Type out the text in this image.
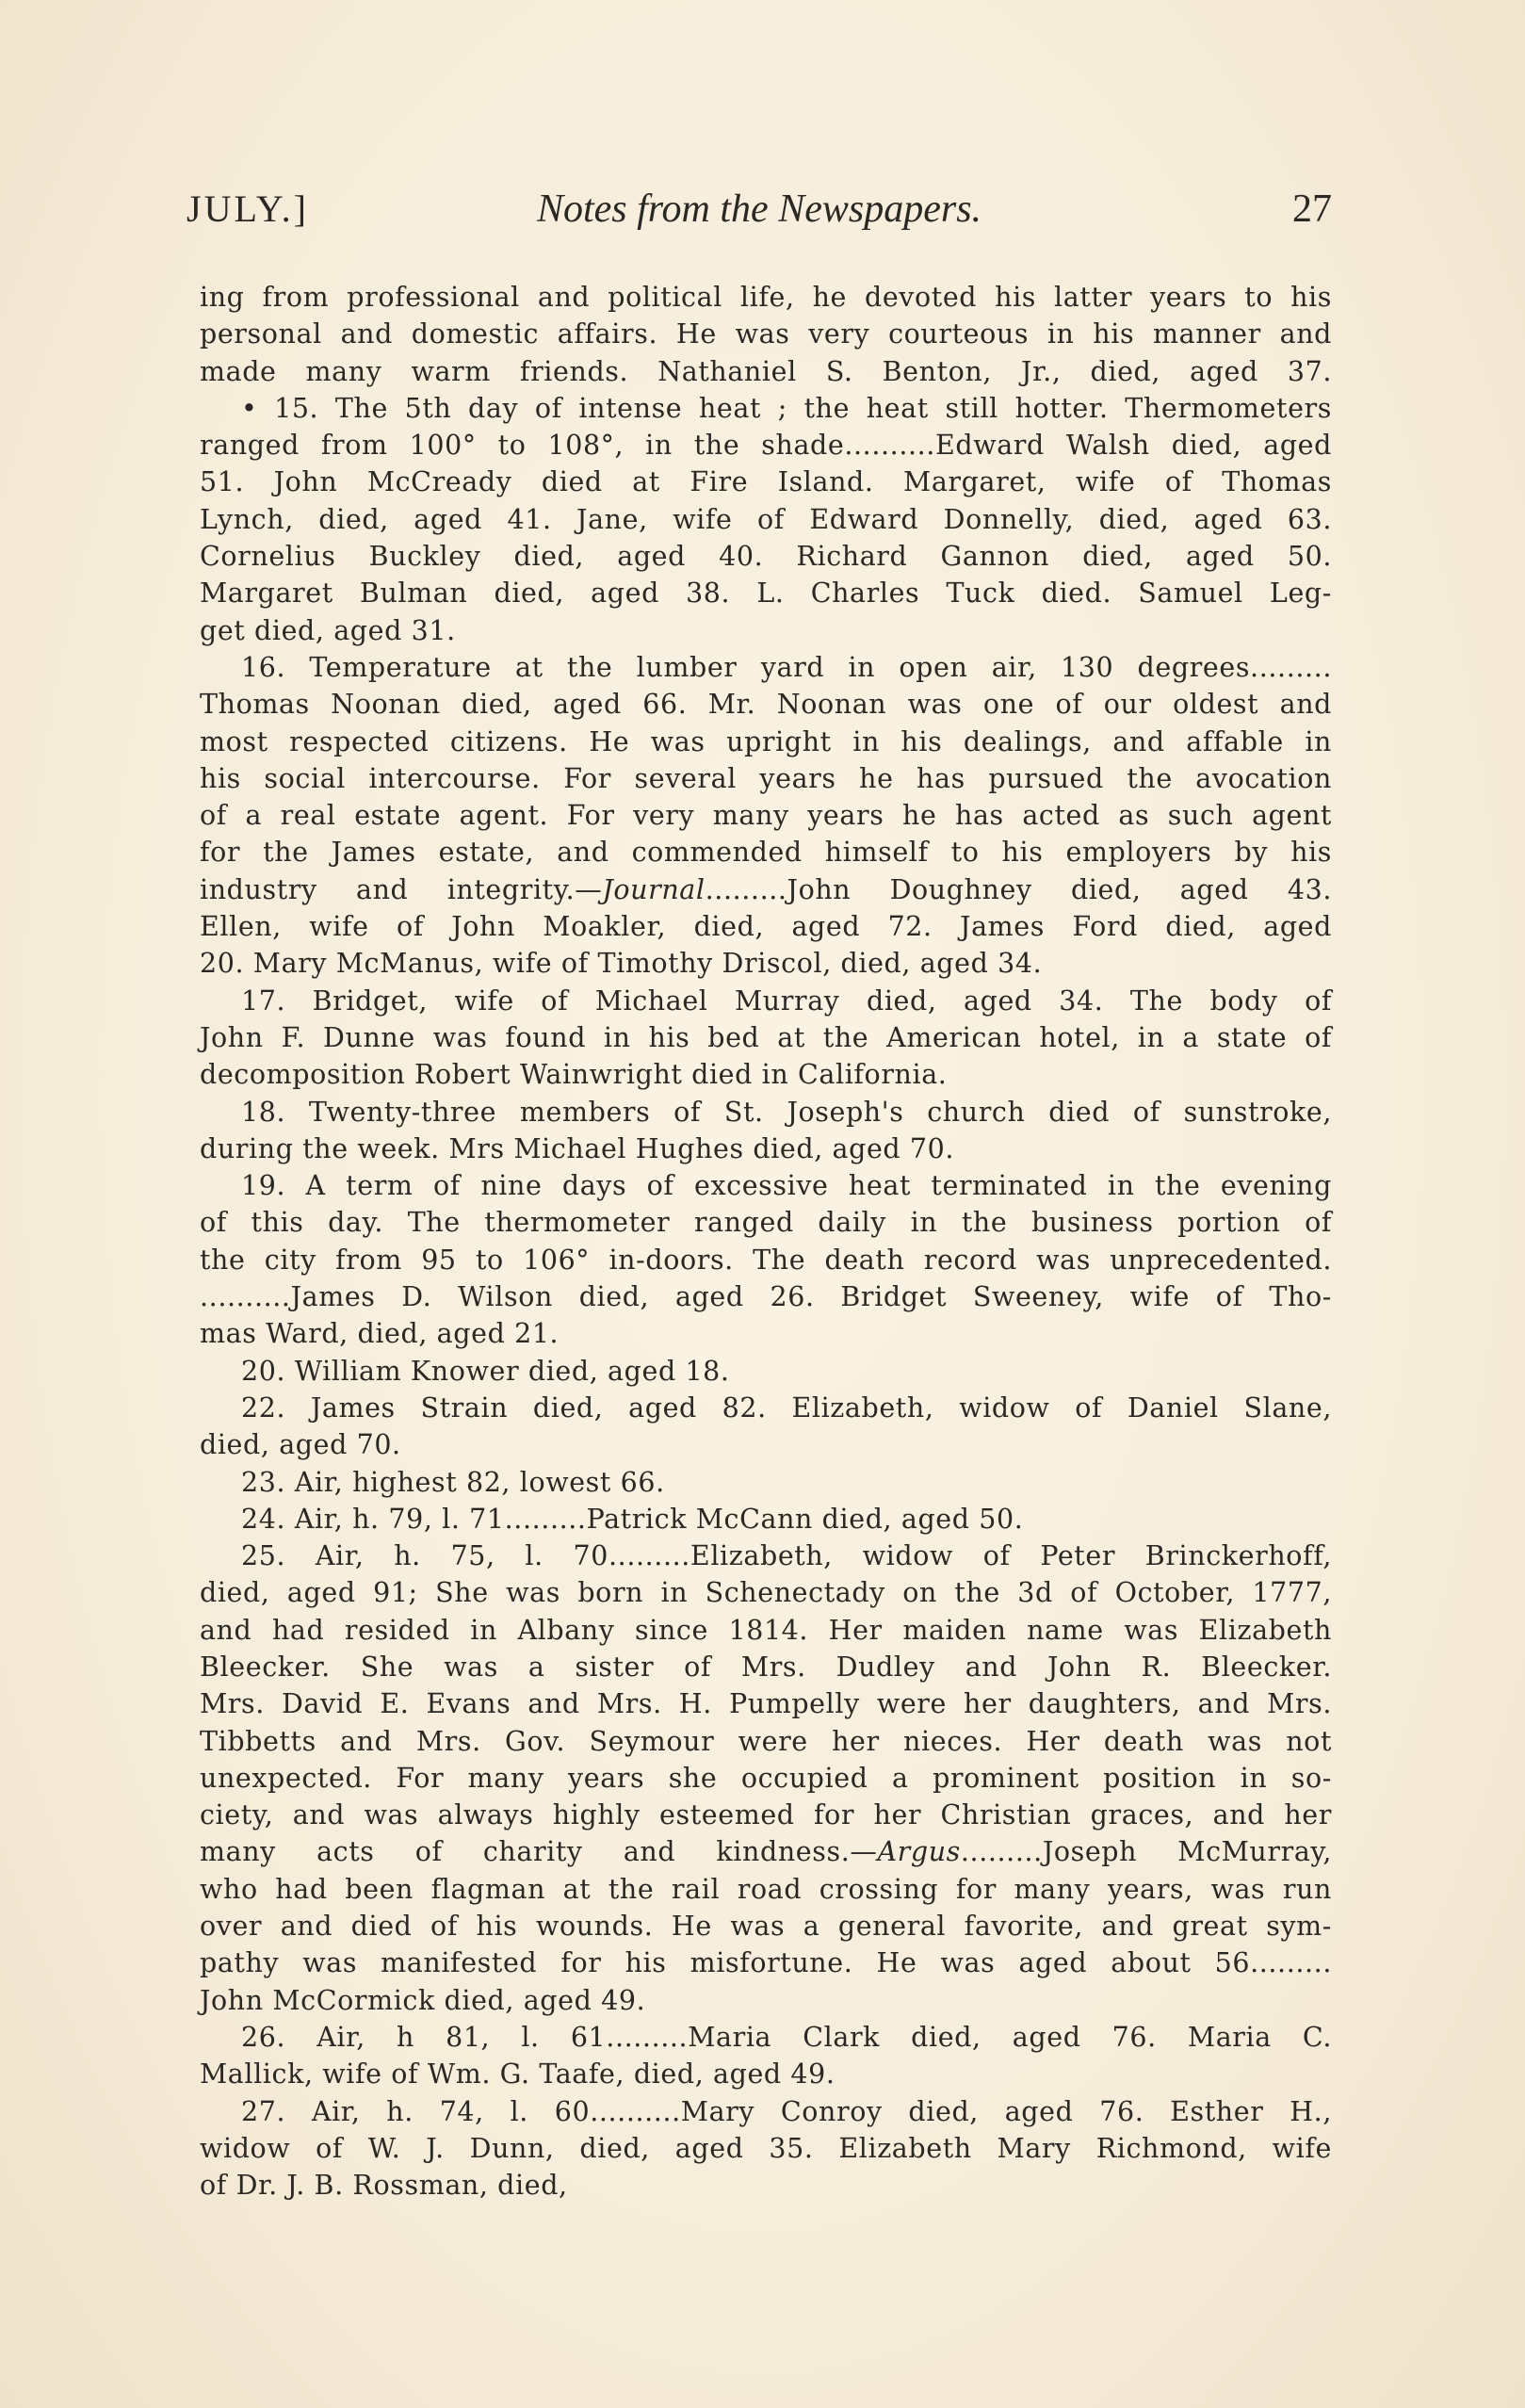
JULY.]	Notes from the Newspapers.	27
ing from professional and political life, he devoted his latter years to his
personal and domestic affairs. He was very courteous in his manner and
made many warm friends. Nathaniel S. Benton, Jr., died, aged 37.
• 15. The 5th day of intense heat ; the heat still hotter. Thermometers
ranged from 100° to 108°, in the shade..........Edward Walsh died, aged
51. John McCready died at Fire Island. Margaret, wife of Thomas
Lynch, died, aged 41. Jane, wife of Edward Donnelly, died, aged 63.
Cornelius Buckley died, aged 40. Richard Gannon died, aged 50.
Margaret Bulman died, aged 38. L. Charles Tuck died. Samuel Leg-
get died, aged 31.
16. Temperature at the lumber yard in open air, 130 degrees.........
Thomas Noonan died, aged 66. Mr. Noonan was one of our oldest and
most respected citizens. He was upright in his dealings, and affable in
his social intercourse. For several years he has pursued the avocation
of a real estate agent. For very many years he has acted as such agent
for the James estate, and commended himself to his employers by his
industry and integrity.—Journal.........John Doughney died, aged 43.
Ellen, wife of John Moakler, died, aged 72. James Ford died, aged
20. Mary McManus, wife of Timothy Driscol, died, aged 34.
17. Bridget, wife of Michael Murray died, aged 34. The body of
John F. Dunne was found in his bed at the American hotel, in a state of
decomposition Robert Wainwright died in California.
18. Twenty-three members of St. Joseph's church died of sunstroke,
during the week. Mrs Michael Hughes died, aged 70.
19. A term of nine days of excessive heat terminated in the evening
of this day. The thermometer ranged daily in the business portion of
the city from 95 to 106° in-doors. The death record was unprecedented.
..........James D. Wilson died, aged 26. Bridget Sweeney, wife of Tho-
mas Ward, died, aged 21.
20. William Knower died, aged 18.
22. James Strain died, aged 82. Elizabeth, widow of Daniel Slane,
died, aged 70.
23. Air, highest 82, lowest 66.
24. Air, h. 79, l. 71.........Patrick McCann died, aged 50.
25. Air, h. 75, l. 70.........Elizabeth, widow of Peter Brinckerhoff,
died, aged 91; She was born in Schenectady on the 3d of October, 1777,
and had resided in Albany since 1814. Her maiden name was Elizabeth
Bleecker. She was a sister of Mrs. Dudley and John R. Bleecker.
Mrs. David E. Evans and Mrs. H. Pumpelly were her daughters, and Mrs.
Tibbetts and Mrs. Gov. Seymour were her nieces. Her death was not
unexpected. For many years she occupied a prominent position in so-
ciety, and was always highly esteemed for her Christian graces, and her
many acts of charity and kindness.—Argus.........Joseph McMurray,
who had been flagman at the rail road crossing for many years, was run
over and died of his wounds. He was a general favorite, and great sym-
pathy was manifested for his misfortune. He was aged about 56.........
John McCormick died, aged 49.
26. Air, h 81, l. 61.........Maria Clark died, aged 76. Maria C.
Mallick, wife of Wm. G. Taafe, died, aged 49.
27. Air, h. 74, l. 60..........Mary Conroy died, aged 76. Esther H.,
widow of W. J. Dunn, died, aged 35. Elizabeth Mary Richmond, wife
of Dr. J. B. Rossman, died,
